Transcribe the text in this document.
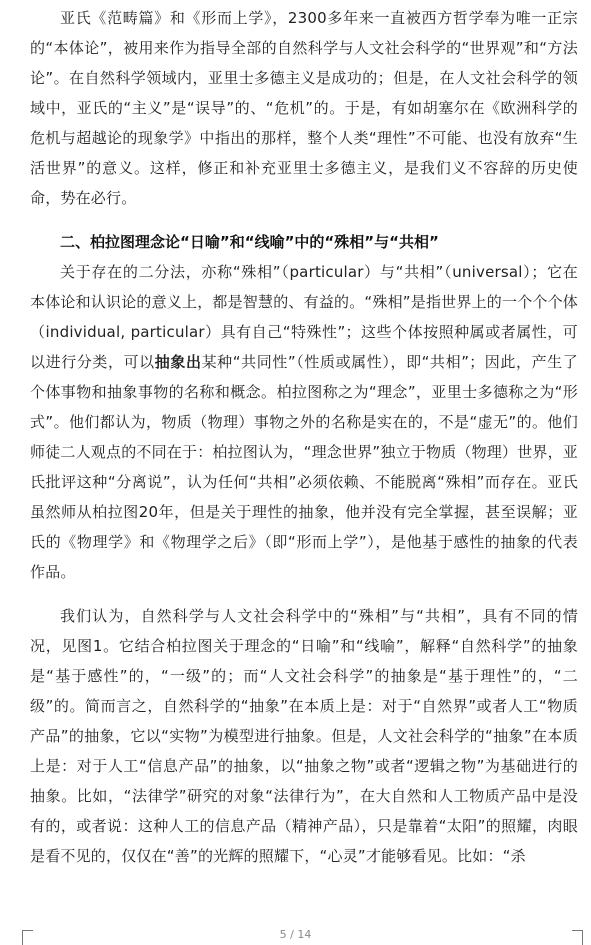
亚氏《范畴篇》和《形而上学》，2300多年来一直被西方哲学奉为唯一正宗的“本体论”，被用来作为指导全部的自然科学与人文社会科学的“世界观”和“方法论”。在自然科学领域内，亚里士多德主义是成功的；但是，在人文社会科学的领域中，亚氏的“主义”是“误导”的、“危机”的。于是，有如胡塞尔在《欧洲科学的危机与超越论的现象学》中指出的那样，整个人类“理性”不可能、也没有放弃“生活世界”的意义。这样，修正和补充亚里士多德主义，是我们义不容辞的历史使命，势在必行。

二、柏拉图理念论“日喻”和“线喻”中的“殊相”与“共相”

关于存在的二分法，亦称“殊相”（particular）与“共相”（universal）；它在本体论和认识论的意义上，都是智慧的、有益的。“殊相”是指世界上的一个个个体（individual, particular）具有自己“特殊性”；这些个体按照种属或者属性，可以进行分类，可以抽象出某种“共同性”（性质或属性），即“共相”；因此，产生了个体事物和抽象事物的名称和概念。柏拉图称之为“理念”，亚里士多德称之为“形式”。他们都认为，物质（物理）事物之外的名称是实在的，不是“虚无”的。他们师徒二人观点的不同在于：柏拉图认为，“理念世界”独立于物质（物理）世界，亚氏批评这种“分离说”，认为任何“共相”必须依赖、不能脱离“殊相”而存在。亚氏虽然师从柏拉图20年，但是关于理性的抽象，他并没有完全掌握，甚至误解；亚氏的《物理学》和《物理学之后》（即“形而上学”），是他基于感性的抽象的代表作品。

我们认为，自然科学与人文社会科学中的“殊相”与“共相”，具有不同的情况，见图1。它结合柏拉图关于理念的“日喻”和“线喻”，解释“自然科学”的抽象是“基于感性”的，“一级”的；而“人文社会科学”的抽象是“基于理性”的，“二级”的。简而言之，自然科学的“抽象”在本质上是：对于“自然界”或者人工“物质产品”的抽象，它以“实物”为模型进行抽象。但是，人文社会科学的“抽象”在本质上是：对于人工“信息产品”的抽象，以“抽象之物”或者“逻辑之物”为基础进行的抽象。比如，“法律学”研究的对象“法律行为”，在大自然和人工物质产品中是没有的，或者说：这种人工的信息产品（精神产品），只是靠着“太阳”的照耀，肉眼是看不见的，仅仅在“善”的光辉的照耀下，“心灵”才能够看见。比如：“杀

5 / 14
